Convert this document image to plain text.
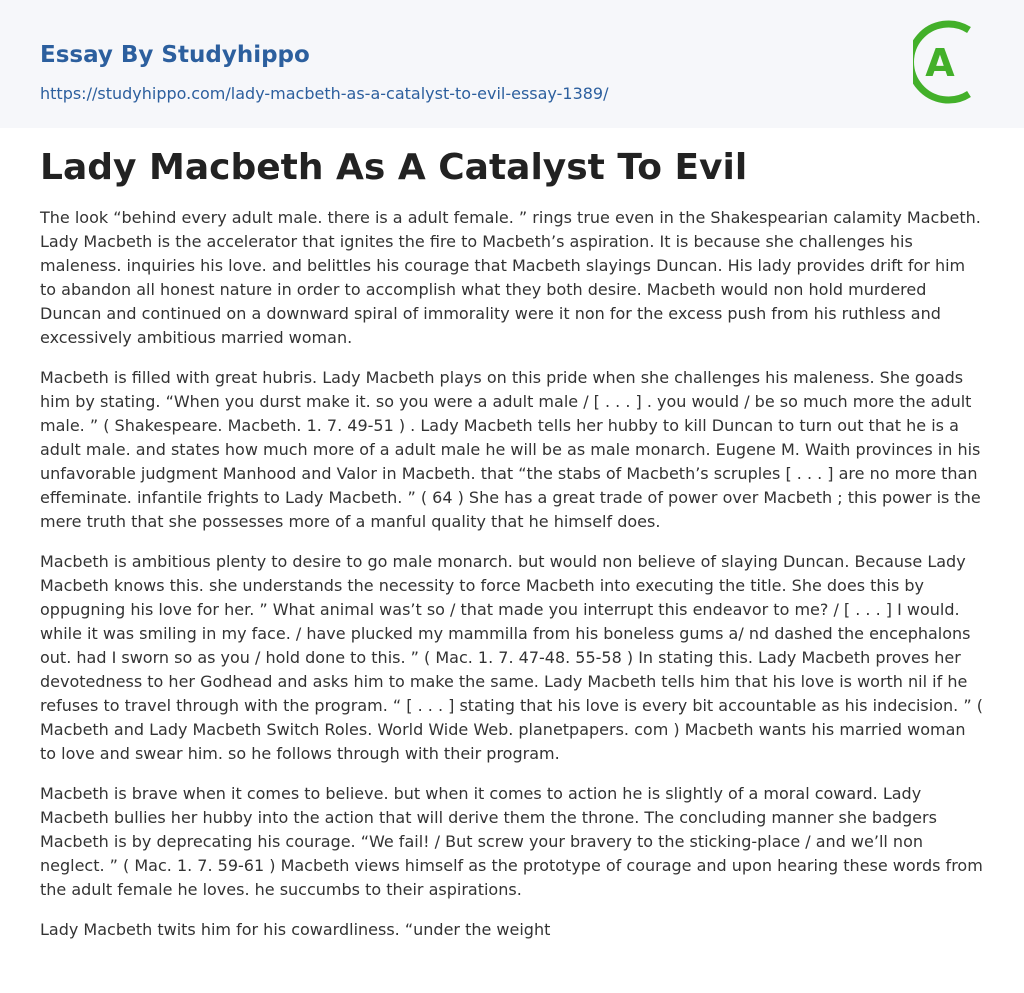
Essay By Studyhippo
https://studyhippo.com/lady-macbeth-as-a-catalyst-to-evil-essay-1389/
A
Lady Macbeth As A Catalyst To Evil

The look “behind every adult male. there is a adult female. ” rings true even in the Shakespearian calamity Macbeth. Lady Macbeth is the accelerator that ignites the fire to Macbeth’s aspiration. It is because she challenges his maleness. inquiries his love. and belittles his courage that Macbeth slayings Duncan. His lady provides drift for him to abandon all honest nature in order to accomplish what they both desire. Macbeth would non hold murdered Duncan and continued on a downward spiral of immorality were it non for the excess push from his ruthless and excessively ambitious married woman.

Macbeth is filled with great hubris. Lady Macbeth plays on this pride when she challenges his maleness. She goads him by stating. “When you durst make it. so you were a adult male / [ . . . ] . you would / be so much more the adult male. ” ( Shakespeare. Macbeth. 1. 7. 49-51 ) . Lady Macbeth tells her hubby to kill Duncan to turn out that he is a adult male. and states how much more of a adult male he will be as male monarch. Eugene M. Waith provinces in his unfavorable judgment Manhood and Valor in Macbeth. that “the stabs of Macbeth’s scruples [ . . . ] are no more than effeminate. infantile frights to Lady Macbeth. ” ( 64 ) She has a great trade of power over Macbeth ; this power is the mere truth that she possesses more of a manful quality that he himself does.

Macbeth is ambitious plenty to desire to go male monarch. but would non believe of slaying Duncan. Because Lady Macbeth knows this. she understands the necessity to force Macbeth into executing the title. She does this by oppugning his love for her. ” What animal was’t so / that made you interrupt this endeavor to me? / [ . . . ] I would. while it was smiling in my face. / have plucked my mammilla from his boneless gums a/ nd dashed the encephalons out. had I sworn so as you / hold done to this. ” ( Mac. 1. 7. 47-48. 55-58 ) In stating this. Lady Macbeth proves her devotedness to her Godhead and asks him to make the same. Lady Macbeth tells him that his love is worth nil if he refuses to travel through with the program. “ [ . . . ] stating that his love is every bit accountable as his indecision. ” ( Macbeth and Lady Macbeth Switch Roles. World Wide Web. planetpapers. com ) Macbeth wants his married woman to love and swear him. so he follows through with their program.

Macbeth is brave when it comes to believe. but when it comes to action he is slightly of a moral coward. Lady Macbeth bullies her hubby into the action that will derive them the throne. The concluding manner she badgers Macbeth is by deprecating his courage. “We fail! / But screw your bravery to the sticking-place / and we’ll non neglect. ” ( Mac. 1. 7. 59-61 ) Macbeth views himself as the prototype of courage and upon hearing these words from the adult female he loves. he succumbs to their aspirations.

Lady Macbeth twits him for his cowardliness. “under the weight
